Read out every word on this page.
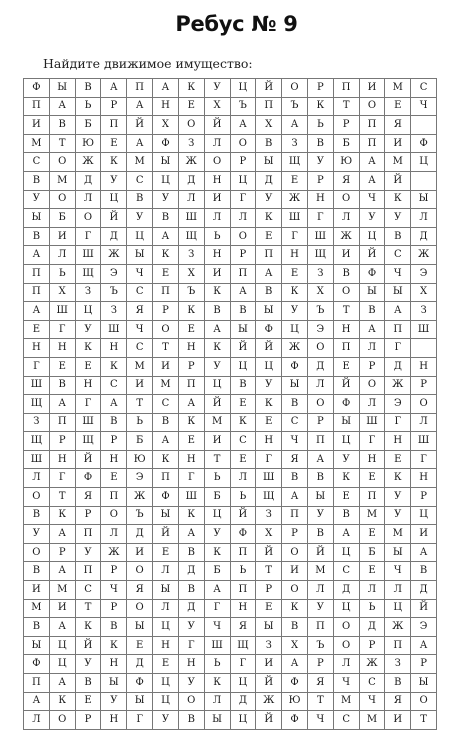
Ребус № 9
Найдите движимое имущество:
Ф	Ы	В	А	П	А	К	У	Ц	Й	О	Р	П	И	М	С
П	А	Ь	Р	А	Н	Е	Х	Ъ	П	Ъ	К	Т	О	Е	Ч
И	В	Б	П	Й	Х	О	Й	А	Х	А	Ь	Р	П	Я	
М	Т	Ю	Е	А	Ф	З	Л	О	В	З	В	Б	П	И	Ф
С	О	Ж	К	М	Ы	Ж	О	Р	Ы	Щ	У	Ю	А	М	Ц
В	М	Д	У	С	Ц	Д	Н	Ц	Д	Е	Р	Я	А	Й	
У	О	Л	Ц	В	У	Л	И	Г	У	Ж	Н	О	Ч	К	Ы
Ы	Б	О	Й	У	В	Ш	Л	Л	К	Ш	Г	Л	У	У	Л
В	И	Г	Д	Ц	А	Щ	Ь	О	Е	Г	Ш	Ж	Ц	В	Д
А	Л	Ш	Ж	Ы	К	З	Н	Р	П	Н	Щ	И	Й	С	Ж
П	Ь	Щ	Э	Ч	Е	Х	И	П	А	Е	З	В	Ф	Ч	Э
П	Х	З	Ъ	С	П	Ъ	К	А	В	К	Х	О	Ы	Ы	Х
А	Ш	Ц	З	Я	Р	К	В	В	Ы	У	Ъ	Т	В	А	З
Е	Г	У	Ш	Ч	О	Е	А	Ы	Ф	Ц	Э	Н	А	П	Ш
Н	Н	К	Н	С	Т	Н	К	Й	Й	Ж	О	П	Л	Г	
Г	Е	Е	К	М	И	Р	У	Ц	Ц	Ф	Д	Е	Р	Д	Н
Ш	В	Н	С	И	М	П	Ц	В	У	Ы	Л	Й	О	Ж	Р
Щ	А	Г	А	Т	С	А	Й	Е	К	В	О	Ф	Л	Э	О
З	П	Ш	В	Ь	В	К	М	К	Е	С	Р	Ы	Ш	Г	Л
Щ	Р	Щ	Р	Б	А	Е	И	С	Н	Ч	П	Ц	Г	Н	Ш
Ш	Н	Й	Н	Ю	К	Н	Т	Е	Г	Я	А	У	Н	Е	Г
Л	Г	Ф	Е	Э	П	Г	Ь	Л	Ш	В	В	К	Е	К	Н
О	Т	Я	П	Ж	Ф	Ш	Б	Ь	Щ	А	Ы	Е	П	У	Р
В	К	Р	О	Ъ	Ы	К	Ц	Й	З	П	У	В	М	У	Ц
У	А	П	Л	Д	Й	А	У	Ф	Х	Р	В	А	Е	М	И
О	Р	У	Ж	И	Е	В	К	П	Й	О	Й	Ц	Б	Ы	А
В	А	П	Р	О	Л	Д	Б	Ь	Т	И	М	С	Е	Ч	В
И	М	С	Ч	Я	Ы	В	А	П	Р	О	Л	Д	Л	Л	Д
М	И	Т	Р	О	Л	Д	Г	Н	Е	К	У	Ц	Ь	Ц	Й
В	А	К	В	Ы	Ц	У	Ч	Я	Ы	В	П	О	Д	Ж	Э
Ы	Ц	Й	К	Е	Н	Г	Ш	Щ	З	Х	Ъ	О	Р	П	А
Ф	Ц	У	Н	Д	Е	Н	Ь	Г	И	А	Р	Л	Ж	З	Р
П	А	В	Ы	Ф	Ц	У	К	Ц	Й	Ф	Я	Ч	С	В	Ы
А	К	Е	У	Ы	Ц	О	Л	Д	Ж	Ю	Т	М	Ч	Я	О
Л	О	Р	Н	Г	У	В	Ы	Ц	Й	Ф	Ч	С	М	И	Т
